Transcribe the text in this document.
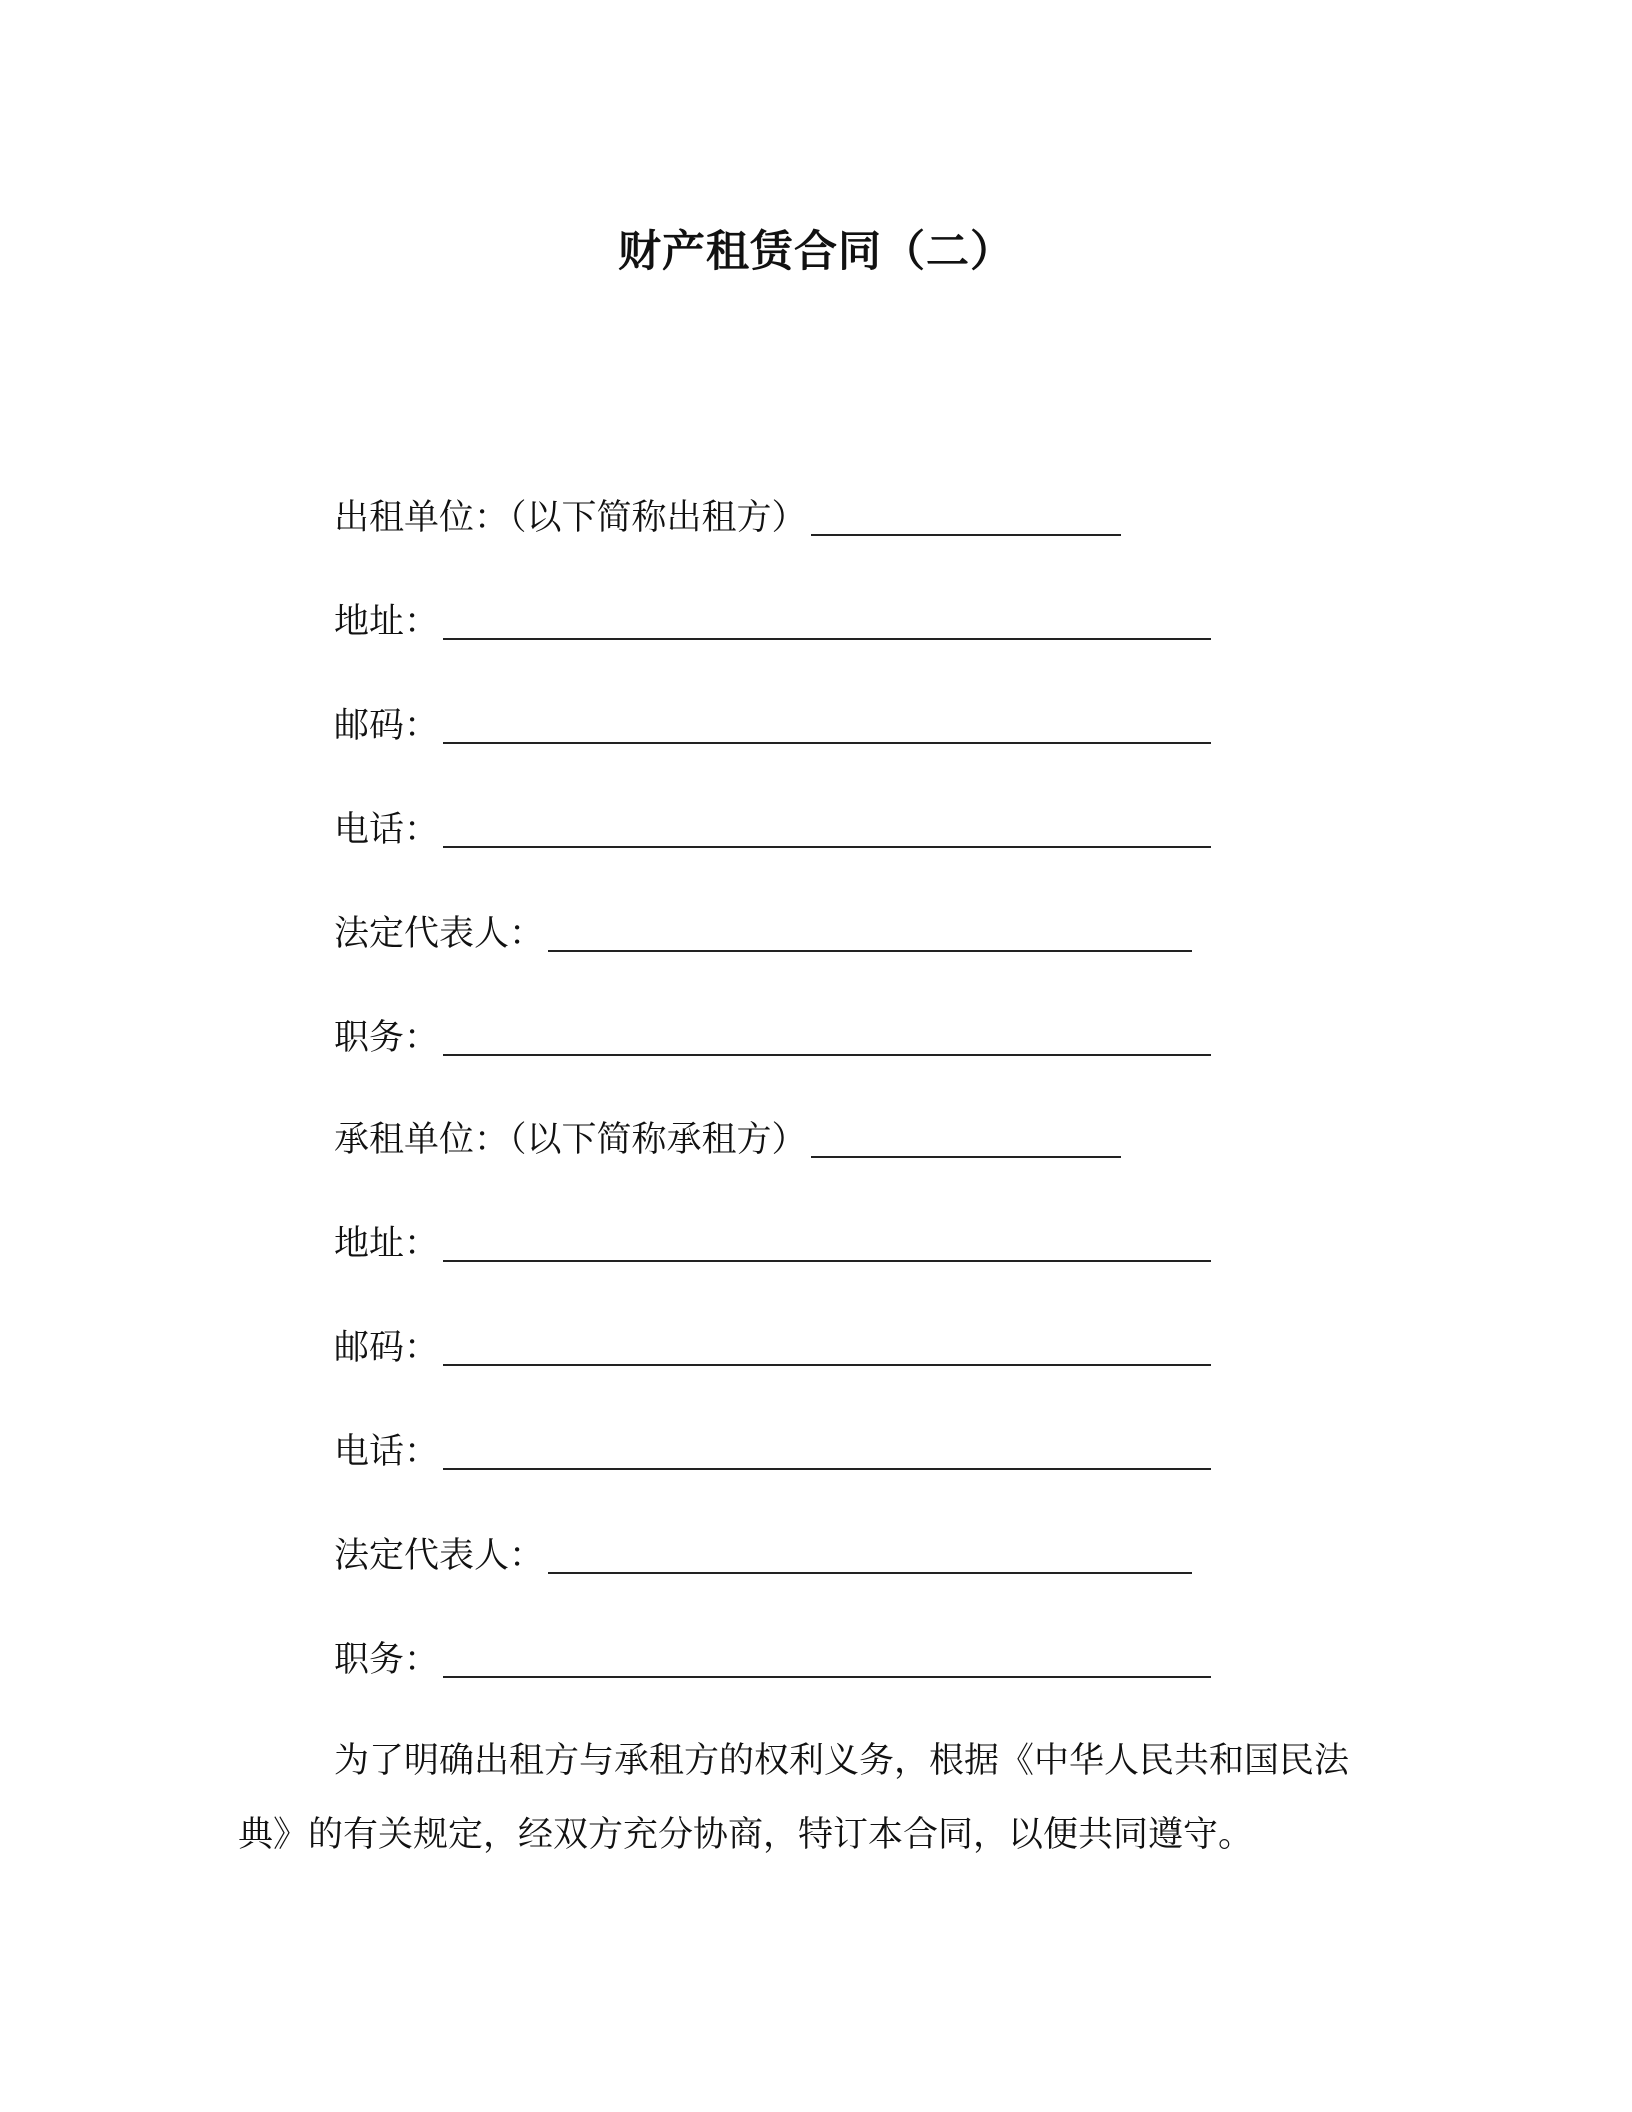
财产租赁合同（二）
出租单位：（以下简称出租方）
地址：
邮码：
电话：
法定代表人：
职务：
承租单位：（以下简称承租方）
地址：
邮码：
电话：
法定代表人：
职务：
为了明确出租方与承租方的权利义务，根据《中华人民共和国民法典》的有关规定，经双方充分协商，特订本合同，以便共同遵守。
